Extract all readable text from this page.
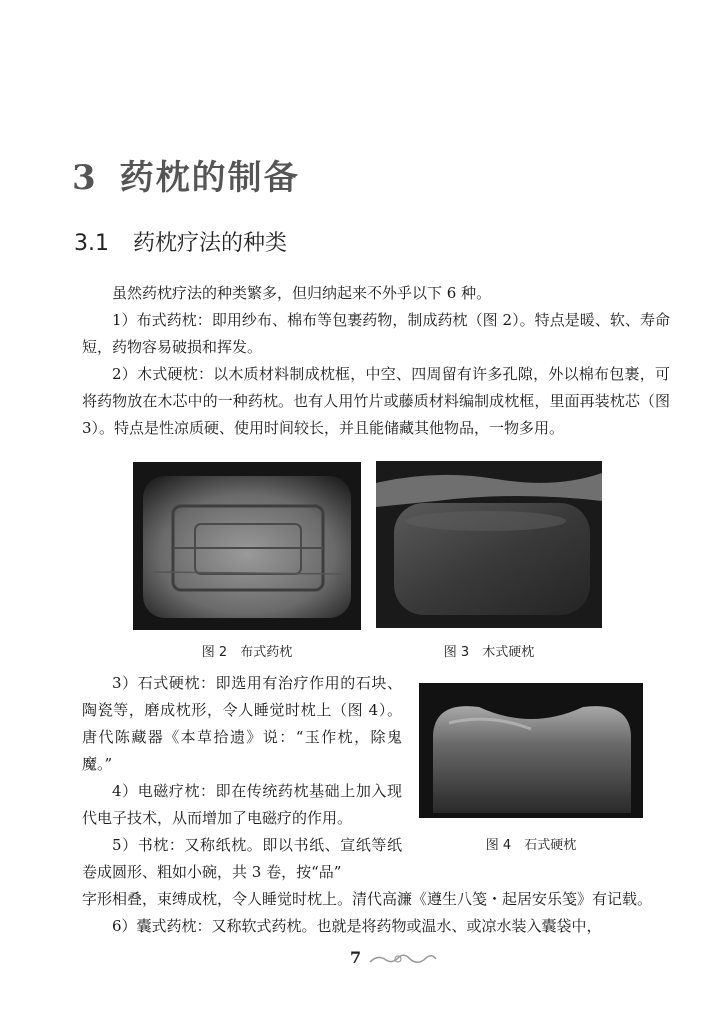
3 药枕的制备
3.1 药枕疗法的种类
虽然药枕疗法的种类繁多，但归纳起来不外乎以下 6 种。
1）布式药枕：即用纱布、棉布等包裹药物，制成药枕（图 2）。特点是暖、软、寿命短，药物容易破损和挥发。
2）木式硬枕：以木质材料制成枕框，中空、四周留有许多孔隙，外以棉布包裹，可将药物放在木芯中的一种药枕。也有人用竹片或藤质材料编制成枕框，里面再装枕芯（图 3）。特点是性凉质硬、使用时间较长，并且能储藏其他物品，一物多用。
图 2　布式药枕	图 3　木式硬枕
3）石式硬枕：即选用有治疗作用的石块、陶瓷等，磨成枕形，令人睡觉时枕上（图 4）。唐代陈藏器《本草拾遗》说：“玉作枕，除鬼魔。”
4）电磁疗枕：即在传统药枕基础上加入现代电子技术，从而增加了电磁疗的作用。
5）书枕：又称纸枕。即以书纸、宣纸等纸卷成圆形、粗如小碗，共 3 卷，按“品”
图 4　石式硬枕
字形相叠，束缚成枕，令人睡觉时枕上。清代高濂《遵生八笺・起居安乐笺》有记载。
6）囊式药枕：又称软式药枕。也就是将药物或温水、或凉水装入囊袋中，
7
